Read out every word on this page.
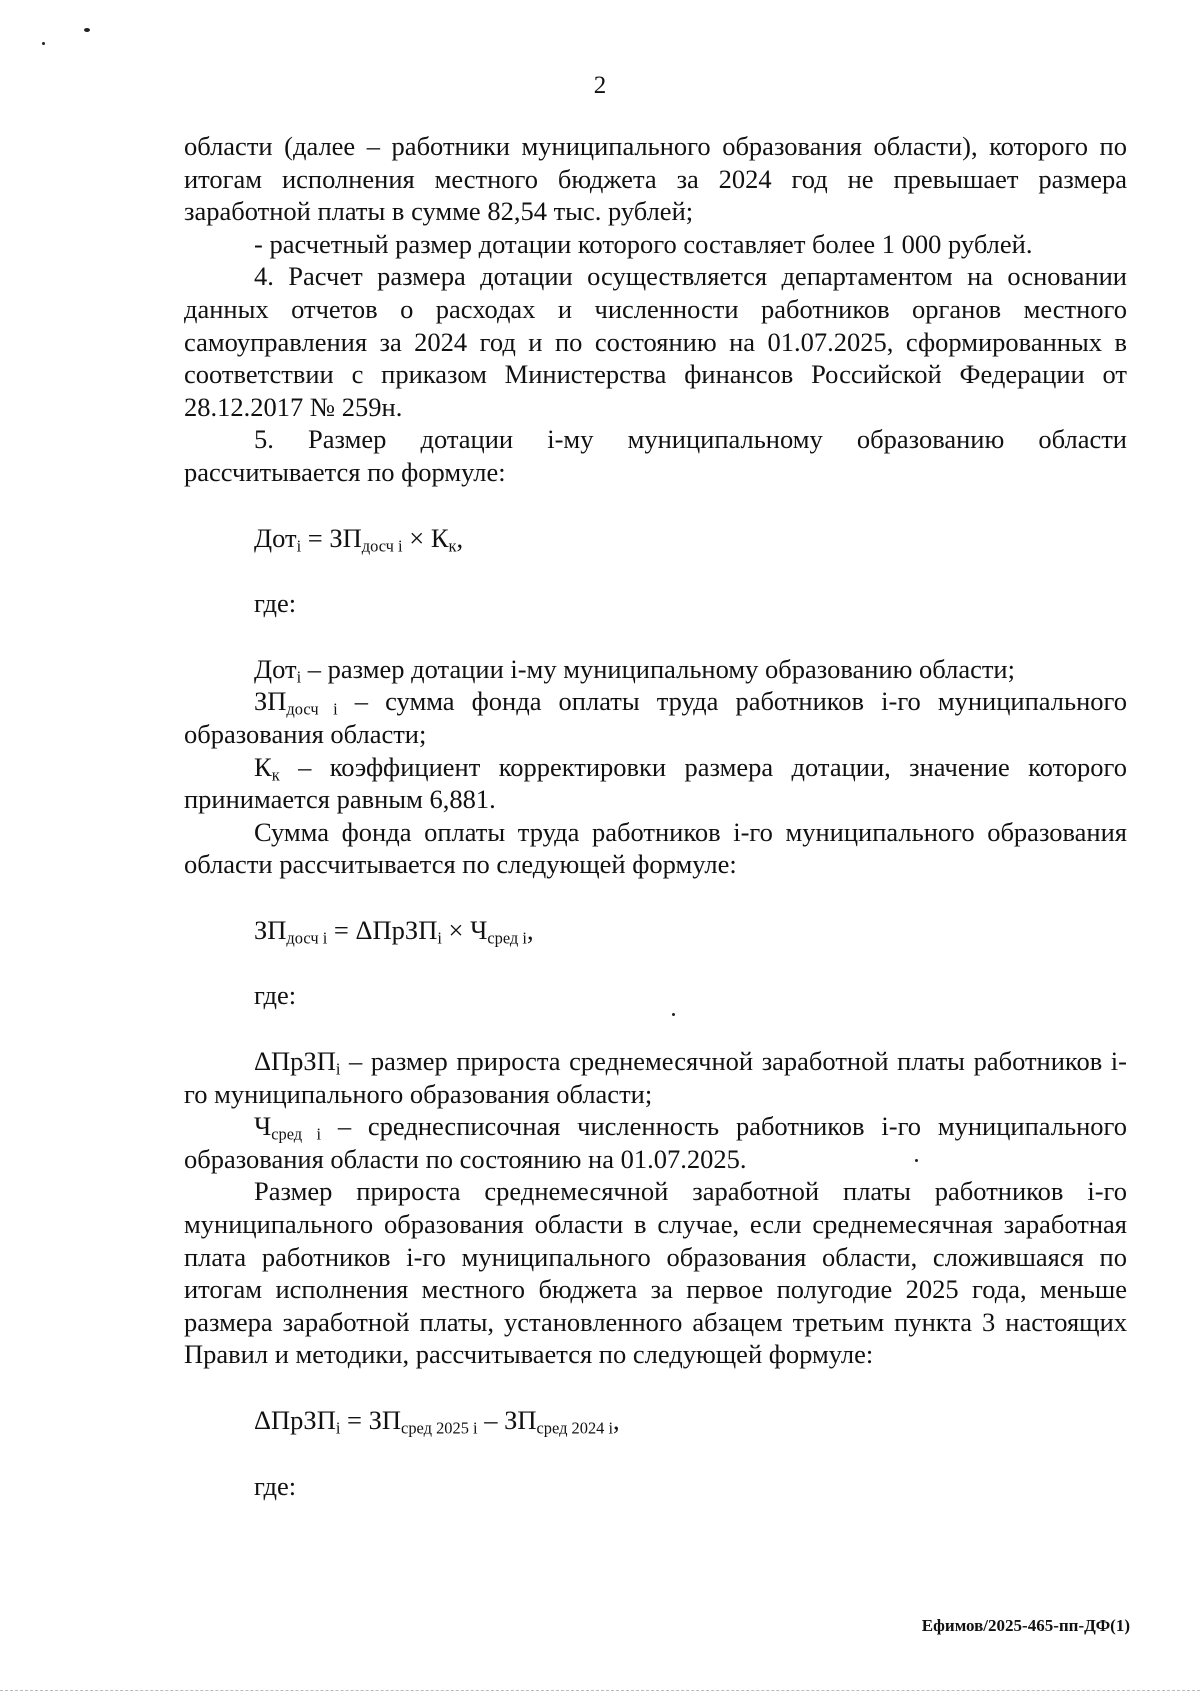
2

области (далее – работники муниципального образования области), которого по итогам исполнения местного бюджета за 2024 год не превышает размера заработной платы в сумме 82,54 тыс. рублей;

- расчетный размер дотации которого составляет более 1 000 рублей.

4. Расчет размера дотации осуществляется департаментом на основании данных отчетов о расходах и численности работников органов местного самоуправления за 2024 год и по состоянию на 01.07.2025, сформированных в соответствии с приказом Министерства финансов Российской Федерации от 28.12.2017 № 259н.

5. Размер дотации i-му муниципальному образованию области рассчитывается по формуле:

$Дот_i = ЗП_{досч i} \times К_к$,

где:

Дот$_i$ – размер дотации i-му муниципальному образованию области;

$ЗП_{досч i}$ – сумма фонда оплаты труда работников i-го муниципального образования области;

$К_к$ – коэффициент корректировки размера дотации, значение которого принимается равным 6,881.

Сумма фонда оплаты труда работников i-го муниципального образования области рассчитывается по следующей формуле:

$ЗП_{досч i}$ = ΔПрЗП$_i$ × $Ч_{сред i}$,

где:

ΔПрЗП$_i$ – размер прироста среднемесячной заработной платы работников i-го муниципального образования области;

$Ч_{сред i}$ – среднесписочная численность работников i-го муниципального образования области по состоянию на 01.07.2025.

Размер прироста среднемесячной заработной платы работников i-го муниципального образования области в случае, если среднемесячная заработная плата работников i-го муниципального образования области, сложившаяся по итогам исполнения местного бюджета за первое полугодие 2025 года, меньше размера заработной платы, установленного абзацем третьим пункта 3 настоящих Правил и методики, рассчитывается по следующей формуле:

ΔПрЗП$_i$ = $ЗП_{сред 2025 i} - ЗП_{сред 2024 i}$,

где:

Ефимов/2025-465-пп-ДФ(1)
